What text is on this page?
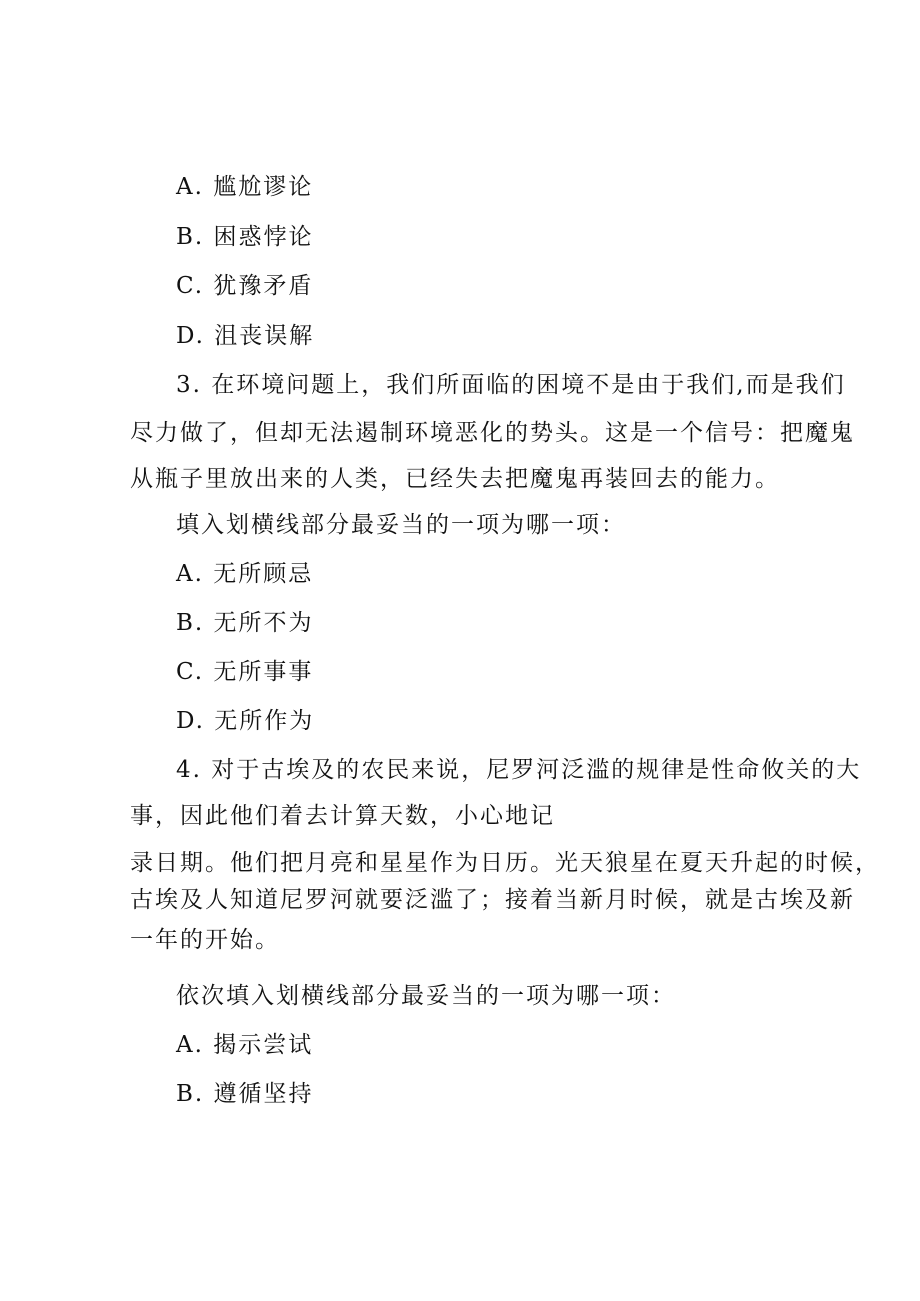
A. 尴尬谬论
B. 困惑悖论
C. 犹豫矛盾
D. 沮丧误解
3. 在环境问题上，我们所面临的困境不是由于我们,而是我们
尽力做了，但却无法遏制环境恶化的势头。这是一个信号：把魔鬼
从瓶子里放出来的人类，已经失去把魔鬼再装回去的能力。
填入划横线部分最妥当的一项为哪一项：
A. 无所顾忌
B. 无所不为
C. 无所事事
D. 无所作为
4. 对于古埃及的农民来说，尼罗河泛滥的规律是性命攸关的大
事，因此他们着去计算天数，小心地记
录日期。他们把月亮和星星作为日历。光天狼星在夏天升起的时候，
古埃及人知道尼罗河就要泛滥了；接着当新月时候，就是古埃及新
一年的开始。
依次填入划横线部分最妥当的一项为哪一项：
A. 揭示尝试
B. 遵循坚持
